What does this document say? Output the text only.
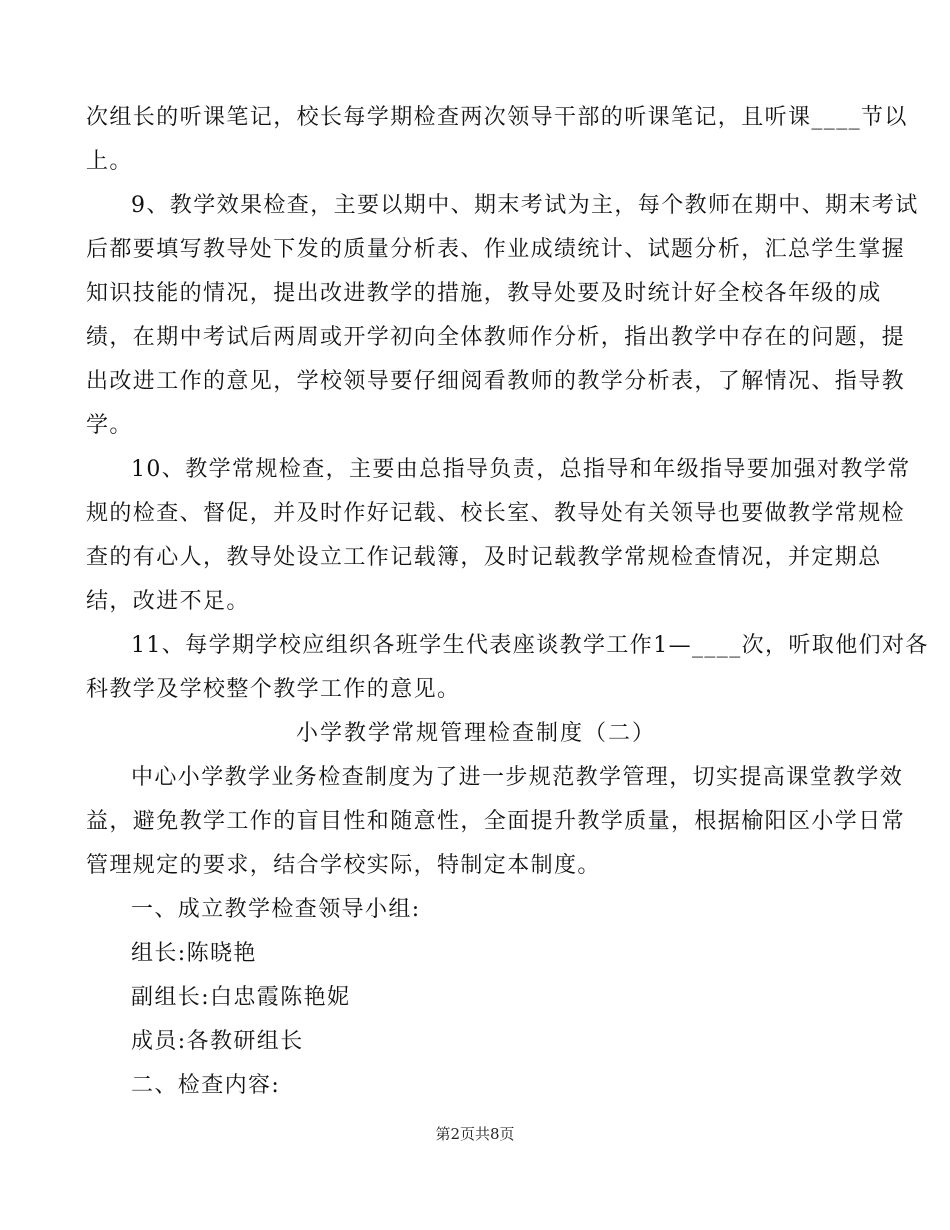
次组长的听课笔记，校长每学期检查两次领导干部的听课笔记，且听课____节以
上。
9、教学效果检查，主要以期中、期末考试为主，每个教师在期中、期末考试
后都要填写教导处下发的质量分析表、作业成绩统计、试题分析，汇总学生掌握
知识技能的情况，提出改进教学的措施，教导处要及时统计好全校各年级的成
绩，在期中考试后两周或开学初向全体教师作分析，指出教学中存在的问题，提
出改进工作的意见，学校领导要仔细阅看教师的教学分析表，了解情况、指导教
学。
10、教学常规检查，主要由总指导负责，总指导和年级指导要加强对教学常
规的检查、督促，并及时作好记载、校长室、教导处有关领导也要做教学常规检
查的有心人，教导处设立工作记载簿，及时记载教学常规检查情况，并定期总
结，改进不足。
11、每学期学校应组织各班学生代表座谈教学工作1—____次，听取他们对各
科教学及学校整个教学工作的意见。
小学教学常规管理检查制度（二）
中心小学教学业务检查制度为了进一步规范教学管理，切实提高课堂教学效
益，避免教学工作的盲目性和随意性，全面提升教学质量，根据榆阳区小学日常
管理规定的要求，结合学校实际，特制定本制度。
一、成立教学检查领导小组:
组长:陈晓艳
副组长:白忠霞陈艳妮
成员:各教研组长
二、检查内容:
第2页共8页
